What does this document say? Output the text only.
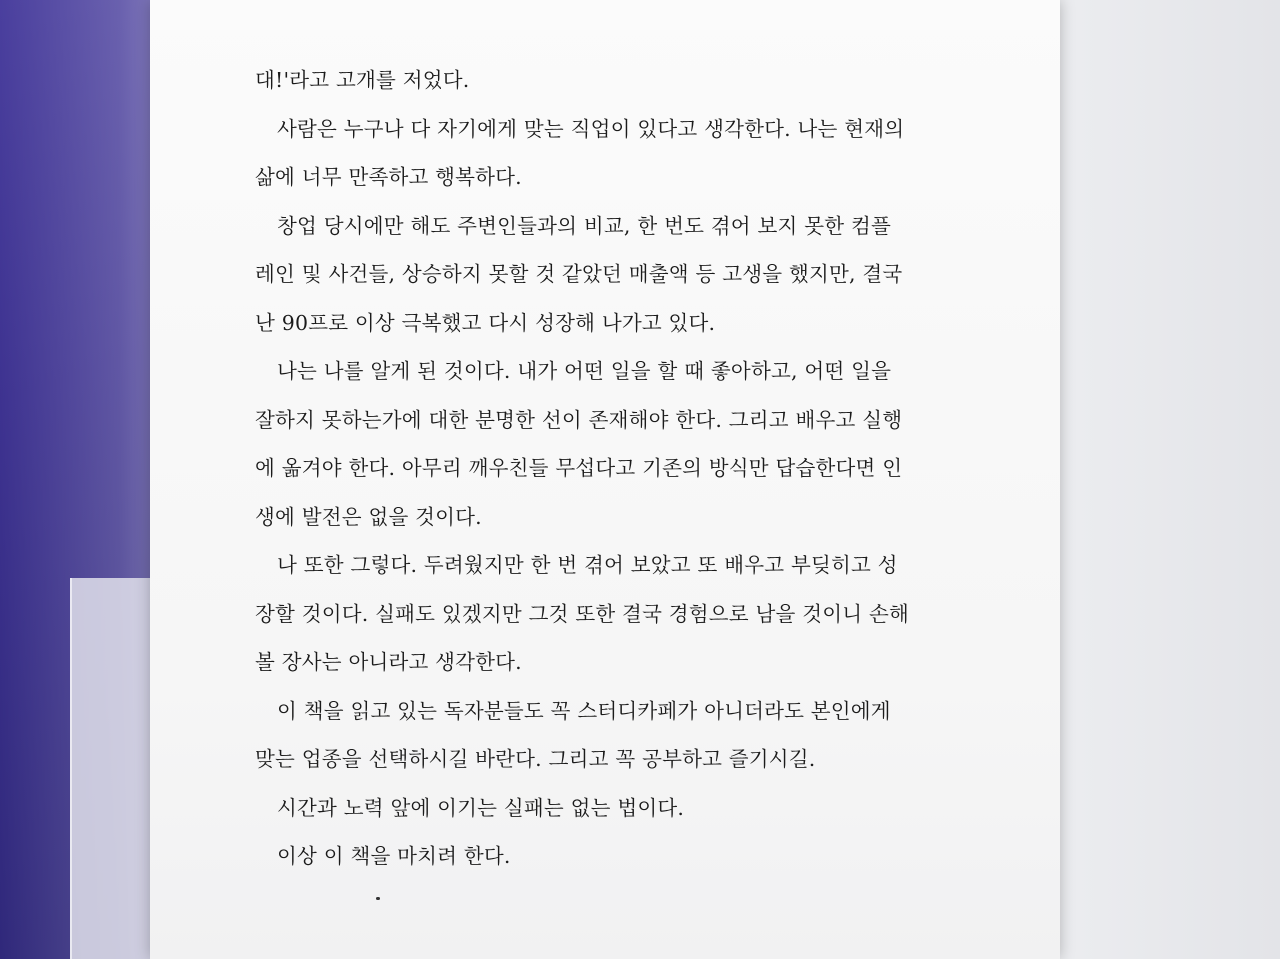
대!'라고 고개를 저었다.
사람은 누구나 다 자기에게 맞는 직업이 있다고 생각한다. 나는 현재의
삶에 너무 만족하고 행복하다.
창업 당시에만 해도 주변인들과의 비교, 한 번도 겪어 보지 못한 컴플
레인 및 사건들, 상승하지 못할 것 같았던 매출액 등 고생을 했지만, 결국
난 90프로 이상 극복했고 다시 성장해 나가고 있다.
나는 나를 알게 된 것이다. 내가 어떤 일을 할 때 좋아하고, 어떤 일을
잘하지 못하는가에 대한 분명한 선이 존재해야 한다. 그리고 배우고 실행
에 옮겨야 한다. 아무리 깨우친들 무섭다고 기존의 방식만 답습한다면 인
생에 발전은 없을 것이다.
나 또한 그렇다. 두려웠지만 한 번 겪어 보았고 또 배우고 부딪히고 성
장할 것이다. 실패도 있겠지만 그것 또한 결국 경험으로 남을 것이니 손해
볼 장사는 아니라고 생각한다.
이 책을 읽고 있는 독자분들도 꼭 스터디카페가 아니더라도 본인에게
맞는 업종을 선택하시길 바란다. 그리고 꼭 공부하고 즐기시길.
시간과 노력 앞에 이기는 실패는 없는 법이다.
이상 이 책을 마치려 한다.
